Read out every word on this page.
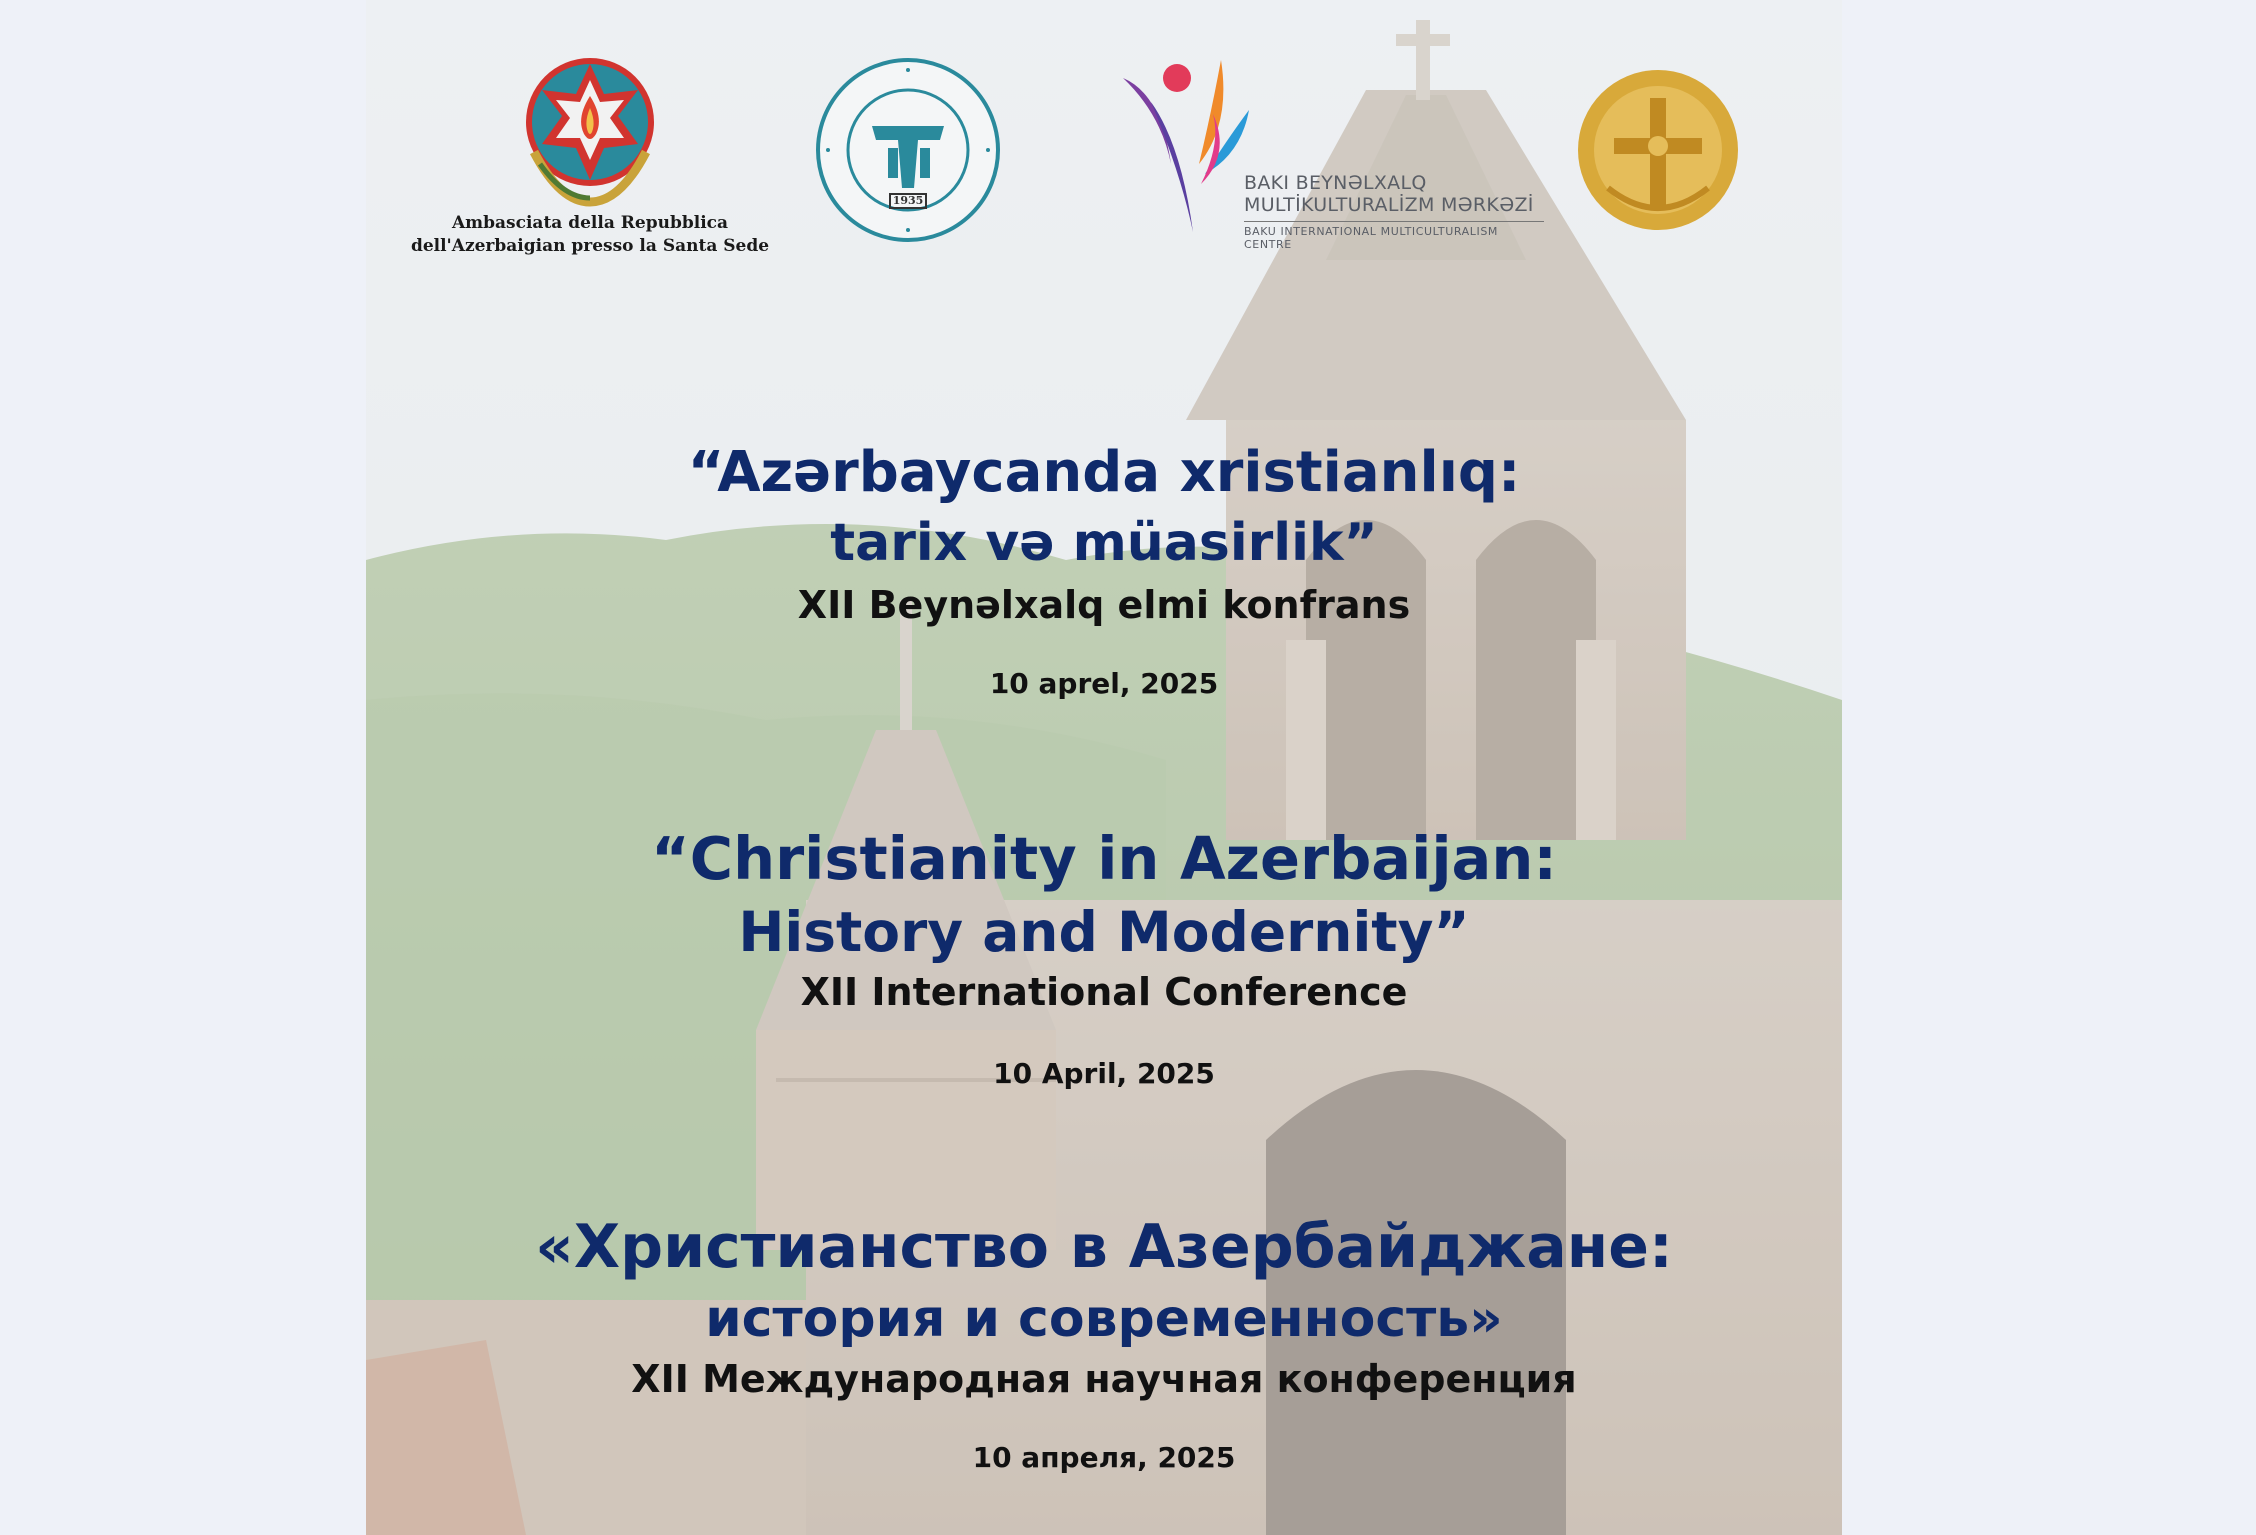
Ambasciata della Repubblica
dell'Azerbaigian presso la Santa Sede
1935
BAKI BEYNƏLXALQ
MULTİKULTURALİZM MƏRKƏZİ
BAKU INTERNATIONAL MULTICULTURALISM CENTRE

“Azərbaycanda xristianlıq:

tarix və müasirlik”

XII Beynəlxalq elmi konfrans

10 aprel, 2025

“Christianity in Azerbaijan:

History and Modernity”

XII International Conference

10 April, 2025

«Христианство в Азербайджане:

история и современность»

XII Международная научная конференция

10 апреля, 2025
